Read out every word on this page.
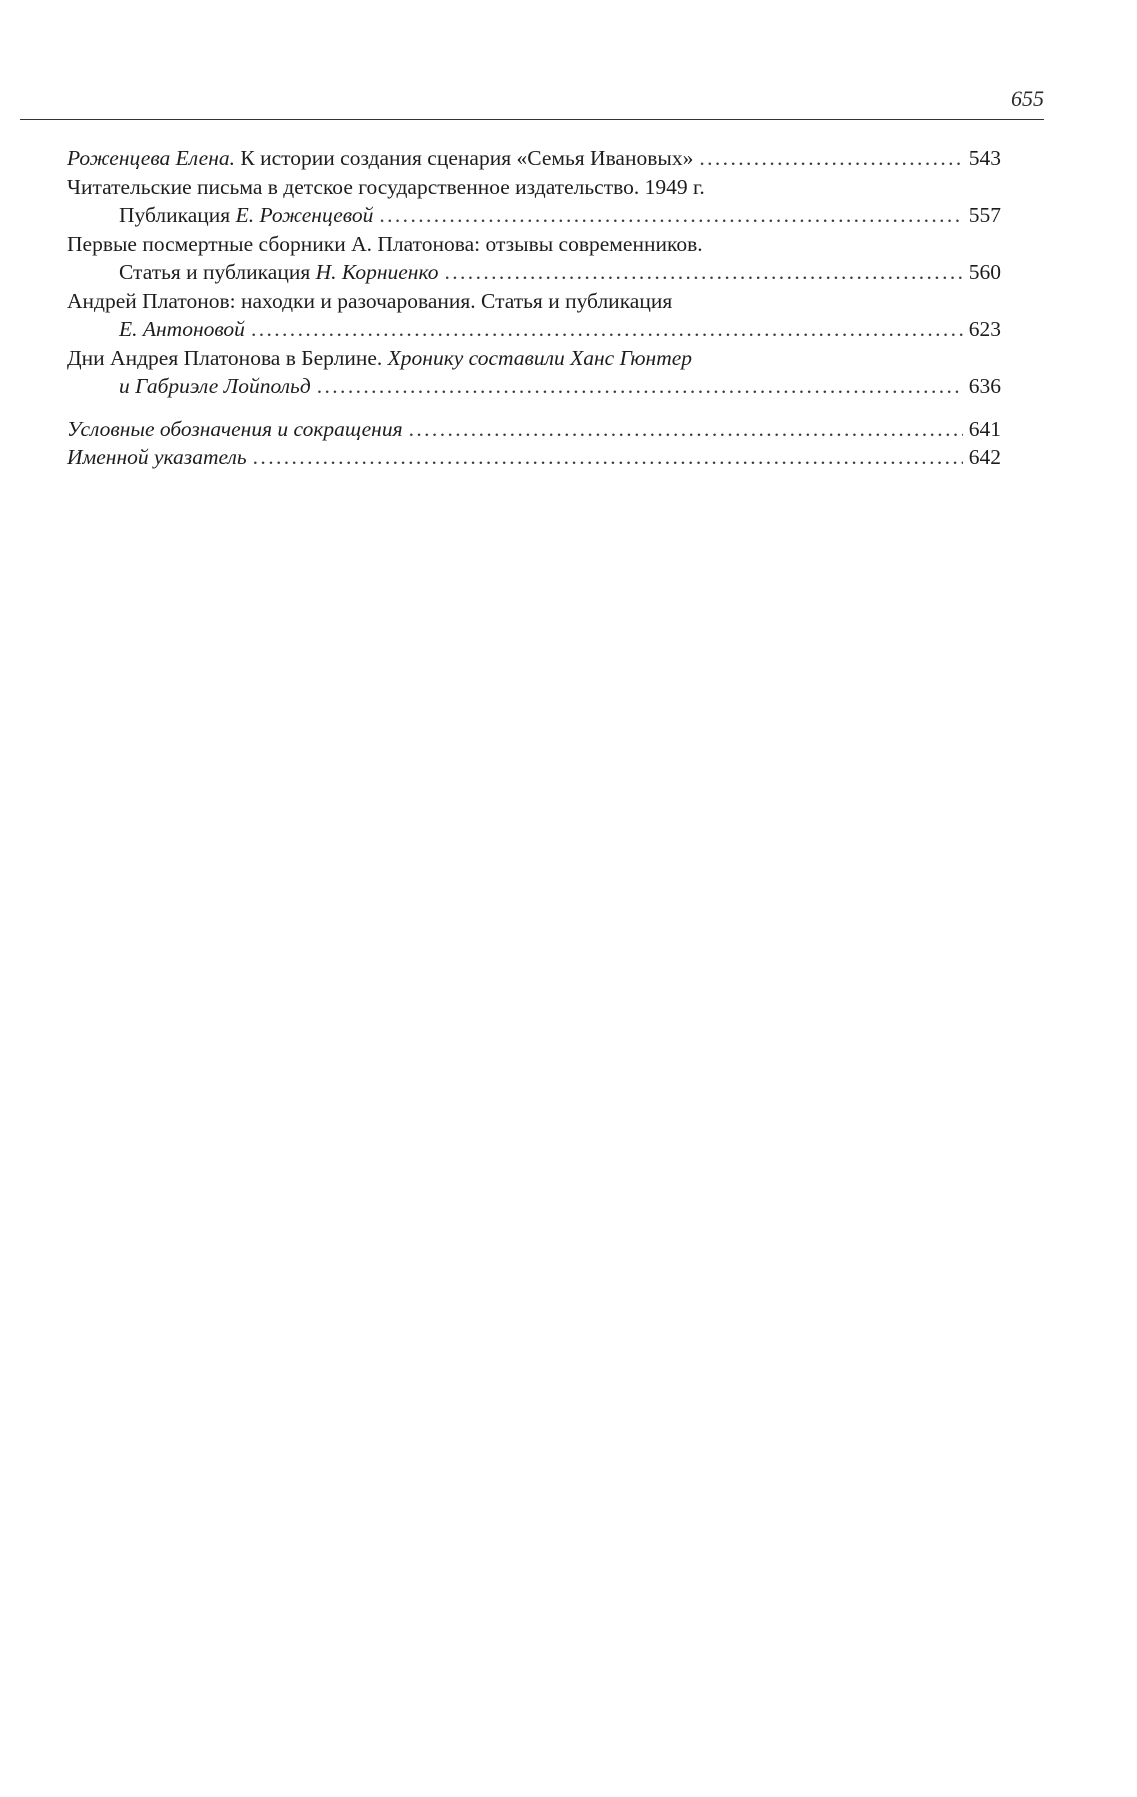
655
Роженцева Елена. К истории создания сценария «Семья Ивановых» .....	543
Читательские письма в детское государственное издательство. 1949 г.
Публикация Е. Роженцевой .....	557
Первые посмертные сборники А. Платонова: отзывы современников.
Статья и публикация Н. Корниенко .....	560
Андрей Платонов: находки и разочарования. Статья и публикация
Е. Антоновой .....	623
Дни Андрея Платонова в Берлине. Хронику составили Ханс Гюнтер
и Габриэле Лойпольд .....	636
Условные обозначения и сокращения .....	641
Именной указатель .....	642
